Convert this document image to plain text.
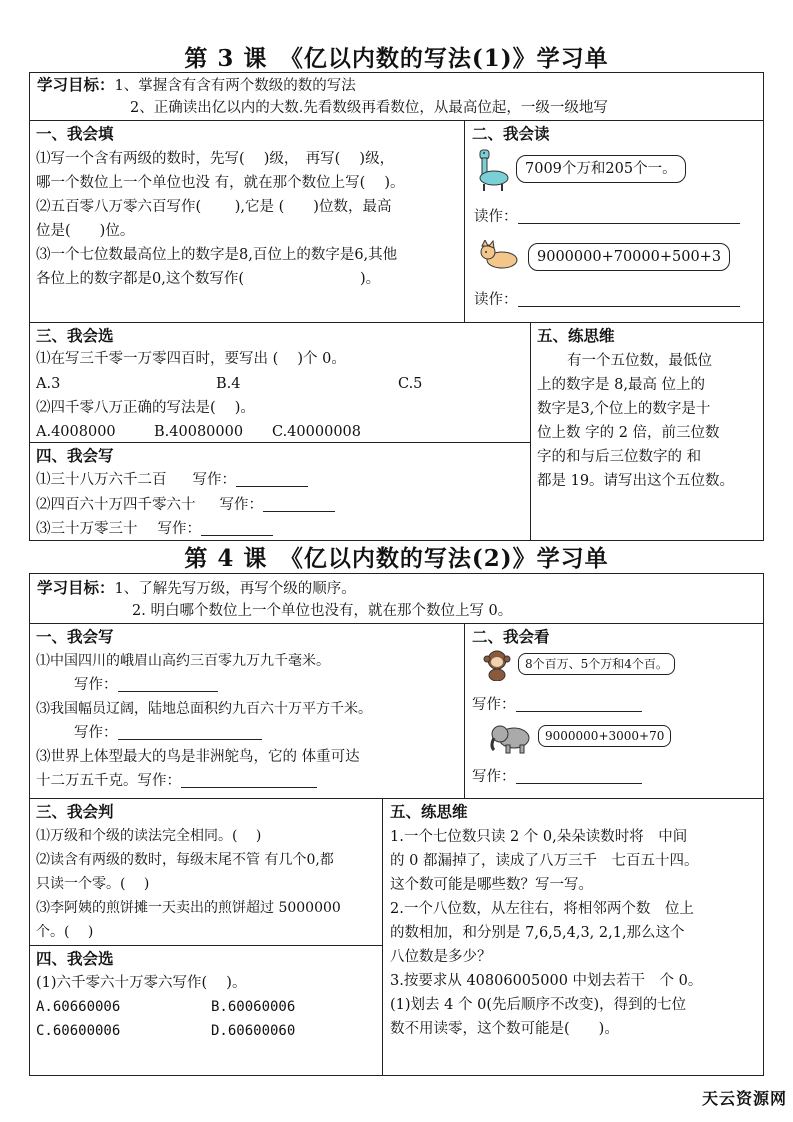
第 3 课　《亿以内数的写法(1)》学习单
学习目标：1、掌握含有含有两个数级的数的写法
2、正确读出亿以内的大数.先看数级再看数位，从最高位起，一级一级地写
一、我会填
⑴写一个含有两级的数时，先写(　 )级，　再写(　 )级，
哪一个数位上一个单位也没 有，就在那个数位上写(　 )。
⑵五百零八万零六百写作(　　 ),它是 (　　)位数，最高
位是(　　)位。
⑶一个七位数最高位上的数字是8,百位上的数字是6,其他
各位上的数字都是0,这个数写作(　　　　　　　　)。
二、我会读
7009个万和205个一。
读作：
9000000+70000+500+3
读作：
三、我会选
⑴在写三千零一万零四百时，要写出 (　 )个 0。
A.3	B.4	C.5
⑵四千零八万正确的写法是(　 )。
A.4008000	B.40080000 C.40000008
四、我会写
⑴三十八万六千二百 写作：
⑵四百六十万四千零六十 写作：
⑶三十万零三十 写作：
五、练思维
有一个五位数，最低位
上的数字是 8,最高 位上的
数字是3,个位上的数字是十
位上数 字的 2 倍，前三位数
字的和与后三位数字的 和
都是 19。请写出这个五位数。
第 4 课　《亿以内数的写法(2)》学习单
学习目标：1、了解先写万级，再写个级的顺序。
2. 明白哪个数位上一个单位也没有，就在那个数位上写 0。
一、我会写
⑴中国四川的峨眉山高约三百零九万九千毫米。
写作：
⑶我国幅员辽阔，陆地总面积约九百六十万平方千米。
写作：
⑶世界上体型最大的鸟是非洲鸵鸟，它的 体重可达
十二万五千克。写作：
二、我会看
8个百万、5个万和4个百。
写作：
9000000+3000+70
写作：
三、我会判
⑴万级和个级的读法完全相同。(　 )
⑵读含有两级的数时，每级末尾不管 有几个0,都
只读一个零。(　 )
⑶李阿姨的煎饼摊一天卖出的煎饼超过 5000000
个。(　 )
四、我会选
(1)六千零六十万零六写作(　 )。
A.60660006	B.60060006
C.60600006	D.60600060
五、练思维
1.一个七位数只读 2 个 0,朵朵读数时将　中间
的 0 都漏掉了，读成了八万三千　七百五十四。
这个数可能是哪些数？写一写。
2.一个八位数，从左往右，将相邻两个数　位上
的数相加，和分别是 7,6,5,4,3, 2,1,那么这个
八位数是多少？
3.按要求从 40806005000 中划去若干　个 0。
(1)划去 4 个 0(先后顺序不改变)，得到的七位
数不用读零，这个数可能是(　　)。
天云资源网
